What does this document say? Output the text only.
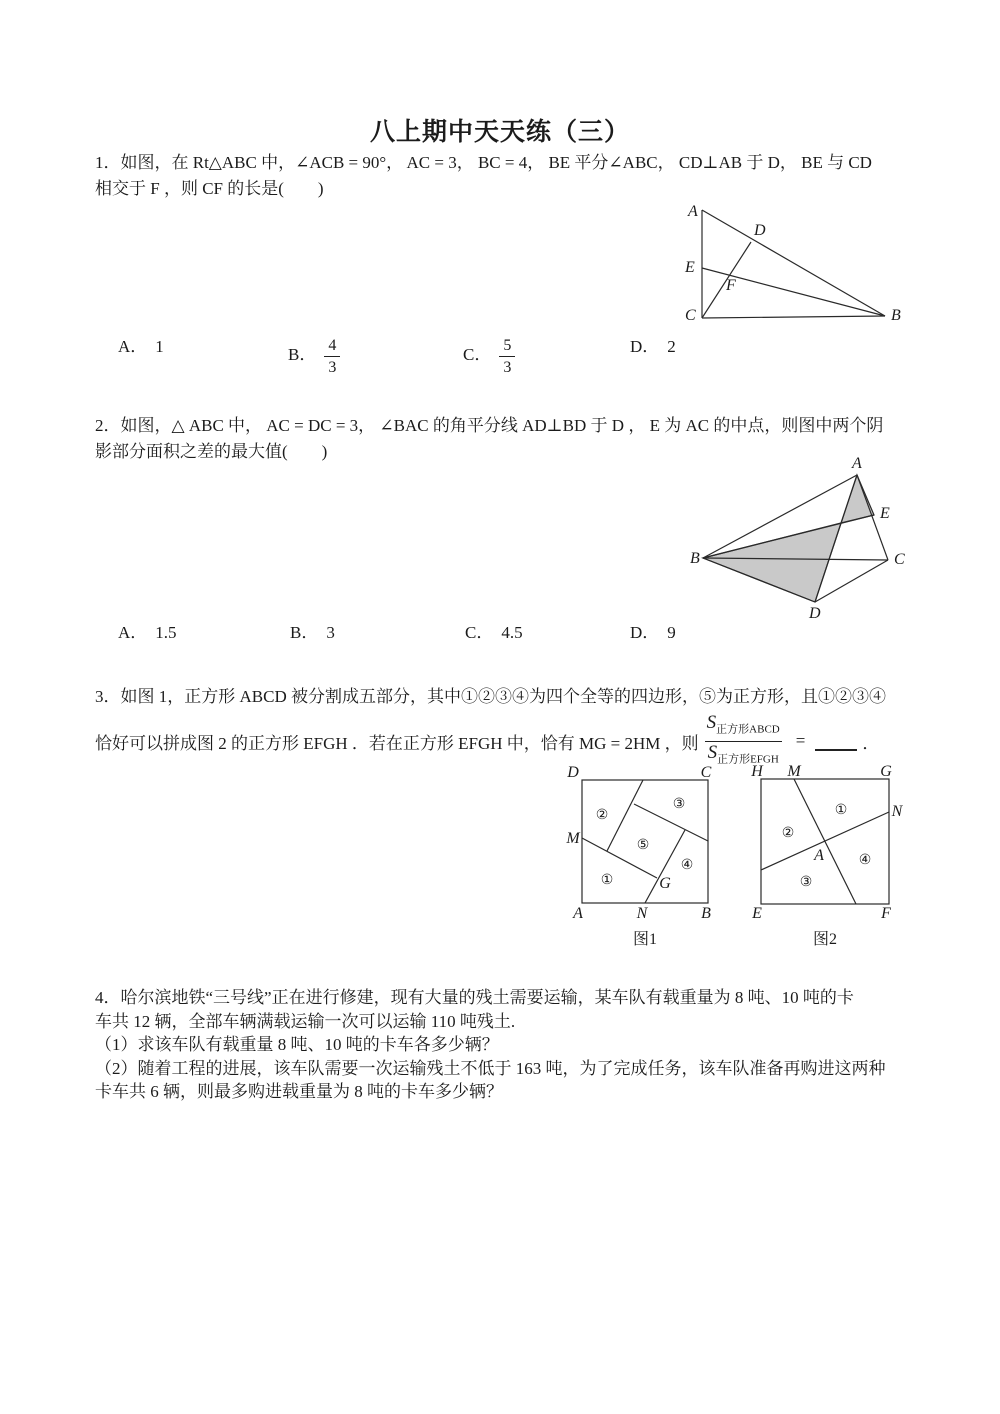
八上期中天天练（三）
1．如图，在 Rt△ABC 中，∠ACB = 90°， AC = 3， BC = 4， BE 平分∠ABC， CD⊥AB 于 D， BE 与 CD
相交于 F ，则 CF 的长是(　　)
A
D
E
F
C	B
A． 1	B． $\frac{4}{3}$	C． $\frac{5}{3}$	D． 2
2．如图，△ ABC 中， AC = DC = 3， ∠BAC 的角平分线 AD⊥BD 于 D ， E 为 AC 的中点，则图中两个阴
影部分面积之差的最大值(　　)
A
E
B	C
D
A． 1.5	B． 3	C． 4.5	D． 9
3．如图 1，正方形 ABCD 被分割成五部分，其中①②③④为四个全等的四边形，⑤为正方形，且①②③④
恰好可以拼成图 2 的正方形 EFGH ．若在正方形 EFGH 中，恰有 MG = 2HM ，则
$S_{正方形ABCD}$
$S_{正方形EFGH}$
=	．
D	C
A	N	B
M
G
②
③
⑤
④
①
图1
H M	G
N
E	F
A
①
②
③
④
图2
4．哈尔滨地铁“三号线”正在进行修建，现有大量的残土需要运输，某车队有载重量为 8 吨、10 吨的卡
车共 12 辆，全部车辆满载运输一次可以运输 110 吨残土.
（1）求该车队有载重量 8 吨、10 吨的卡车各多少辆？
（2）随着工程的进展，该车队需要一次运输残土不低于 163 吨，为了完成任务，该车队准备再购进这两种
卡车共 6 辆，则最多购进载重量为 8 吨的卡车多少辆？
